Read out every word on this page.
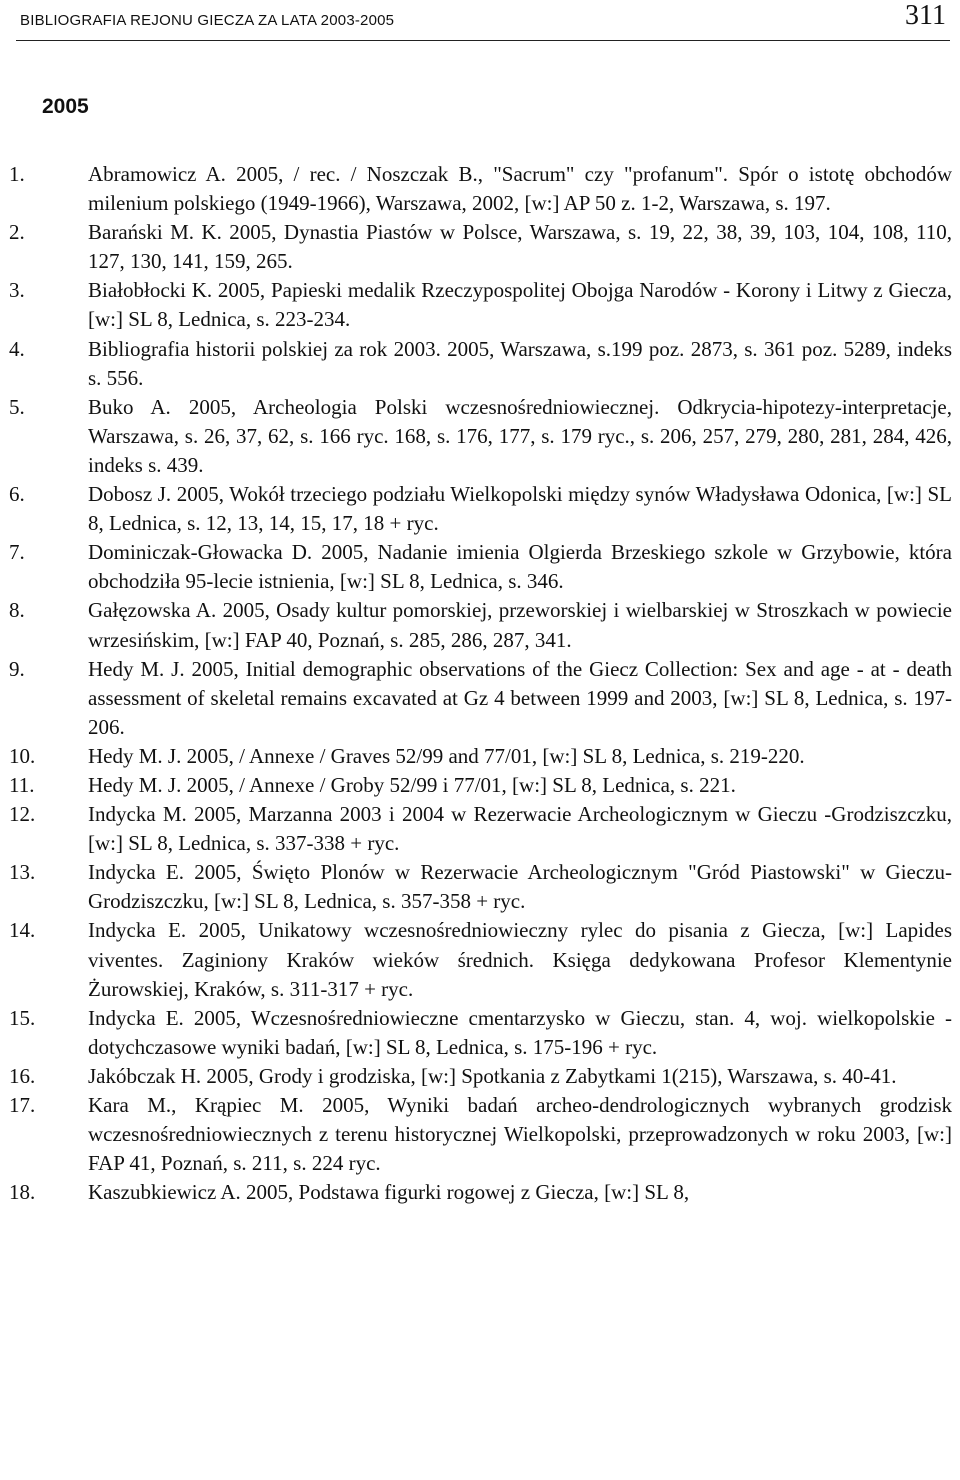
BIBLIOGRAFIA REJONU GIECZA ZA LATA 2003-2005	311
2005
1.	Abramowicz A. 2005, / rec. / Noszczak B., "Sacrum" czy "profanum". Spór o istotę obchodów milenium polskiego (1949-1966), Warszawa, 2002, [w:] AP 50 z. 1-2, Warszawa, s. 197.
2.	Barański M. K. 2005, Dynastia Piastów w Polsce, Warszawa, s. 19, 22, 38, 39, 103, 104, 108, 110, 127, 130, 141, 159, 265.
3.	Białobłocki K. 2005, Papieski medalik Rzeczypospolitej Obojga Narodów - Korony i Litwy z Giecza, [w:] SL 8, Lednica, s. 223-234.
4.	Bibliografia historii polskiej za rok 2003. 2005, Warszawa, s.199 poz. 2873, s. 361 poz. 5289, indeks s. 556.
5.	Buko A. 2005, Archeologia Polski wczesnośredniowiecznej. Odkrycia-hipotezy-interpretacje, Warszawa, s. 26, 37, 62, s. 166 ryc. 168, s. 176, 177, s. 179 ryc., s. 206, 257, 279, 280, 281, 284, 426, indeks s. 439.
6.	Dobosz J. 2005, Wokół trzeciego podziału Wielkopolski między synów Władysława Odonica, [w:] SL 8, Lednica, s. 12, 13, 14, 15, 17, 18 + ryc.
7.	Dominiczak-Głowacka D. 2005, Nadanie imienia Olgierda Brzeskiego szkole w Grzybowie, która obchodziła 95-lecie istnienia, [w:] SL 8, Lednica, s. 346.
8.	Gałęzowska A. 2005, Osady kultur pomorskiej, przeworskiej i wielbarskiej w Stroszkach w powiecie wrzesińskim, [w:] FAP 40, Poznań, s. 285, 286, 287, 341.
9.	Hedy M. J. 2005, Initial demographic observations of the Giecz Collection: Sex and age - at - death assessment of skeletal remains excavated at Gz 4 between 1999 and 2003, [w:] SL 8, Lednica, s. 197-206.
10.	Hedy M. J. 2005, / Annexe / Graves 52/99 and 77/01, [w:] SL 8, Lednica, s. 219-220.
11.	Hedy M. J. 2005, / Annexe / Groby 52/99 i 77/01, [w:] SL 8, Lednica, s. 221.
12.	Indycka M. 2005, Marzanna 2003 i 2004 w Rezerwacie Archeologicznym w Gieczu -Grodziszczku, [w:] SL 8, Lednica, s. 337-338 + ryc.
13.	Indycka E. 2005, Święto Plonów w Rezerwacie Archeologicznym "Gród Piastowski" w Gieczu-Grodziszczku, [w:] SL 8, Lednica, s. 357-358 + ryc.
14.	Indycka E. 2005, Unikatowy wczesnośredniowieczny rylec do pisania z Giecza, [w:] Lapides viventes. Zaginiony Kraków wieków średnich. Księga dedykowana Profesor Klementynie Żurowskiej, Kraków, s. 311-317 + ryc.
15.	Indycka E. 2005, Wczesnośredniowieczne cmentarzysko w Gieczu, stan. 4, woj. wielkopolskie - dotychczasowe wyniki badań, [w:] SL 8, Lednica, s. 175-196 + ryc.
16.	Jakóbczak H. 2005, Grody i grodziska, [w:] Spotkania z Zabytkami 1(215), Warszawa, s. 40-41.
17.	Kara M., Krąpiec M. 2005, Wyniki badań archeo-dendrologicznych wybranych grodzisk wczesnośredniowiecznych z terenu historycznej Wielkopolski, przeprowadzonych w roku 2003, [w:] FAP 41, Poznań, s. 211, s. 224 ryc.
18.	Kaszubkiewicz A. 2005, Podstawa figurki rogowej z Giecza, [w:] SL 8,
